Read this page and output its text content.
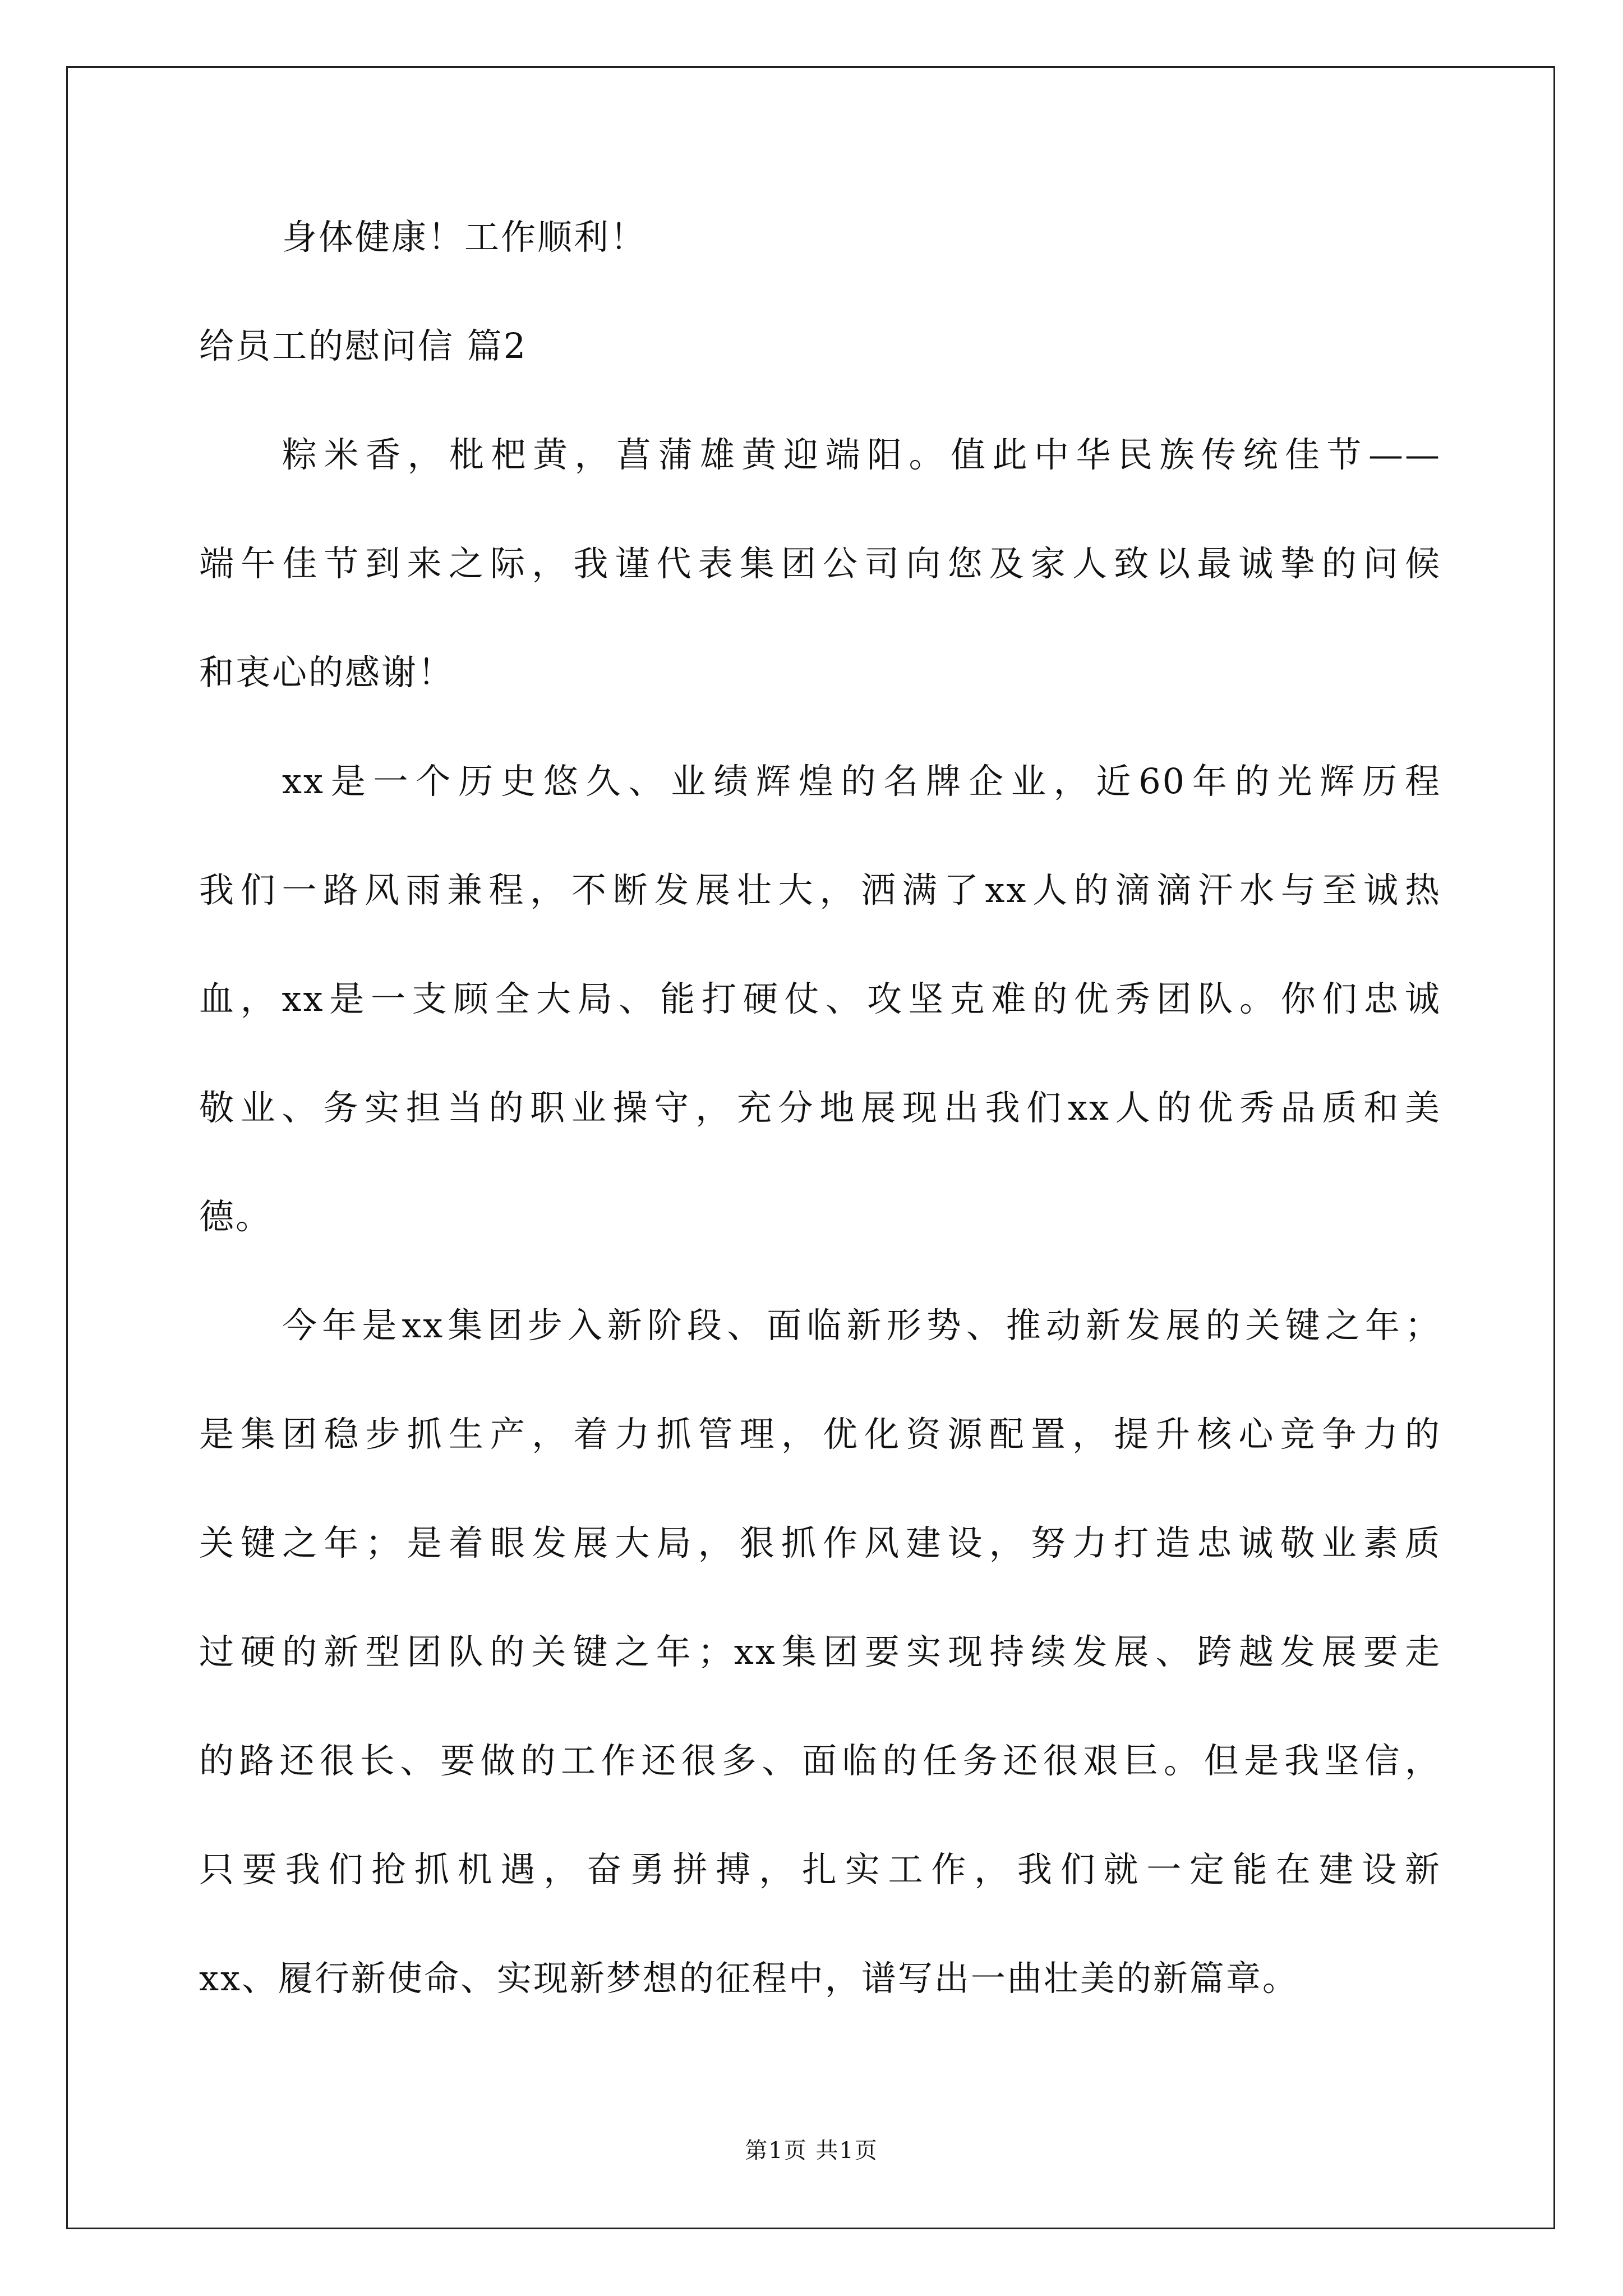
身体健康！工作顺利！
给员工的慰问信 篇2
粽米香，枇杷黄，菖蒲雄黄迎端阳。值此中华民族传统佳节——
端午佳节到来之际，我谨代表集团公司向您及家人致以最诚挚的问候
和衷心的感谢！
xx是一个历史悠久、业绩辉煌的名牌企业，近60年的光辉历程
我们一路风雨兼程，不断发展壮大，洒满了xx人的滴滴汗水与至诚热
血，xx是一支顾全大局、能打硬仗、攻坚克难的优秀团队。你们忠诚
敬业、务实担当的职业操守，充分地展现出我们xx人的优秀品质和美
德。
今年是xx集团步入新阶段、面临新形势、推动新发展的关键之年；
是集团稳步抓生产，着力抓管理，优化资源配置，提升核心竞争力的
关键之年；是着眼发展大局，狠抓作风建设，努力打造忠诚敬业素质
过硬的新型团队的关键之年；xx集团要实现持续发展、跨越发展要走
的路还很长、要做的工作还很多、面临的任务还很艰巨。但是我坚信，
只要我们抢抓机遇，奋勇拼搏，扎实工作，我们就一定能在建设新
xx、履行新使命、实现新梦想的征程中，谱写出一曲壮美的新篇章。
第1页 共1页
